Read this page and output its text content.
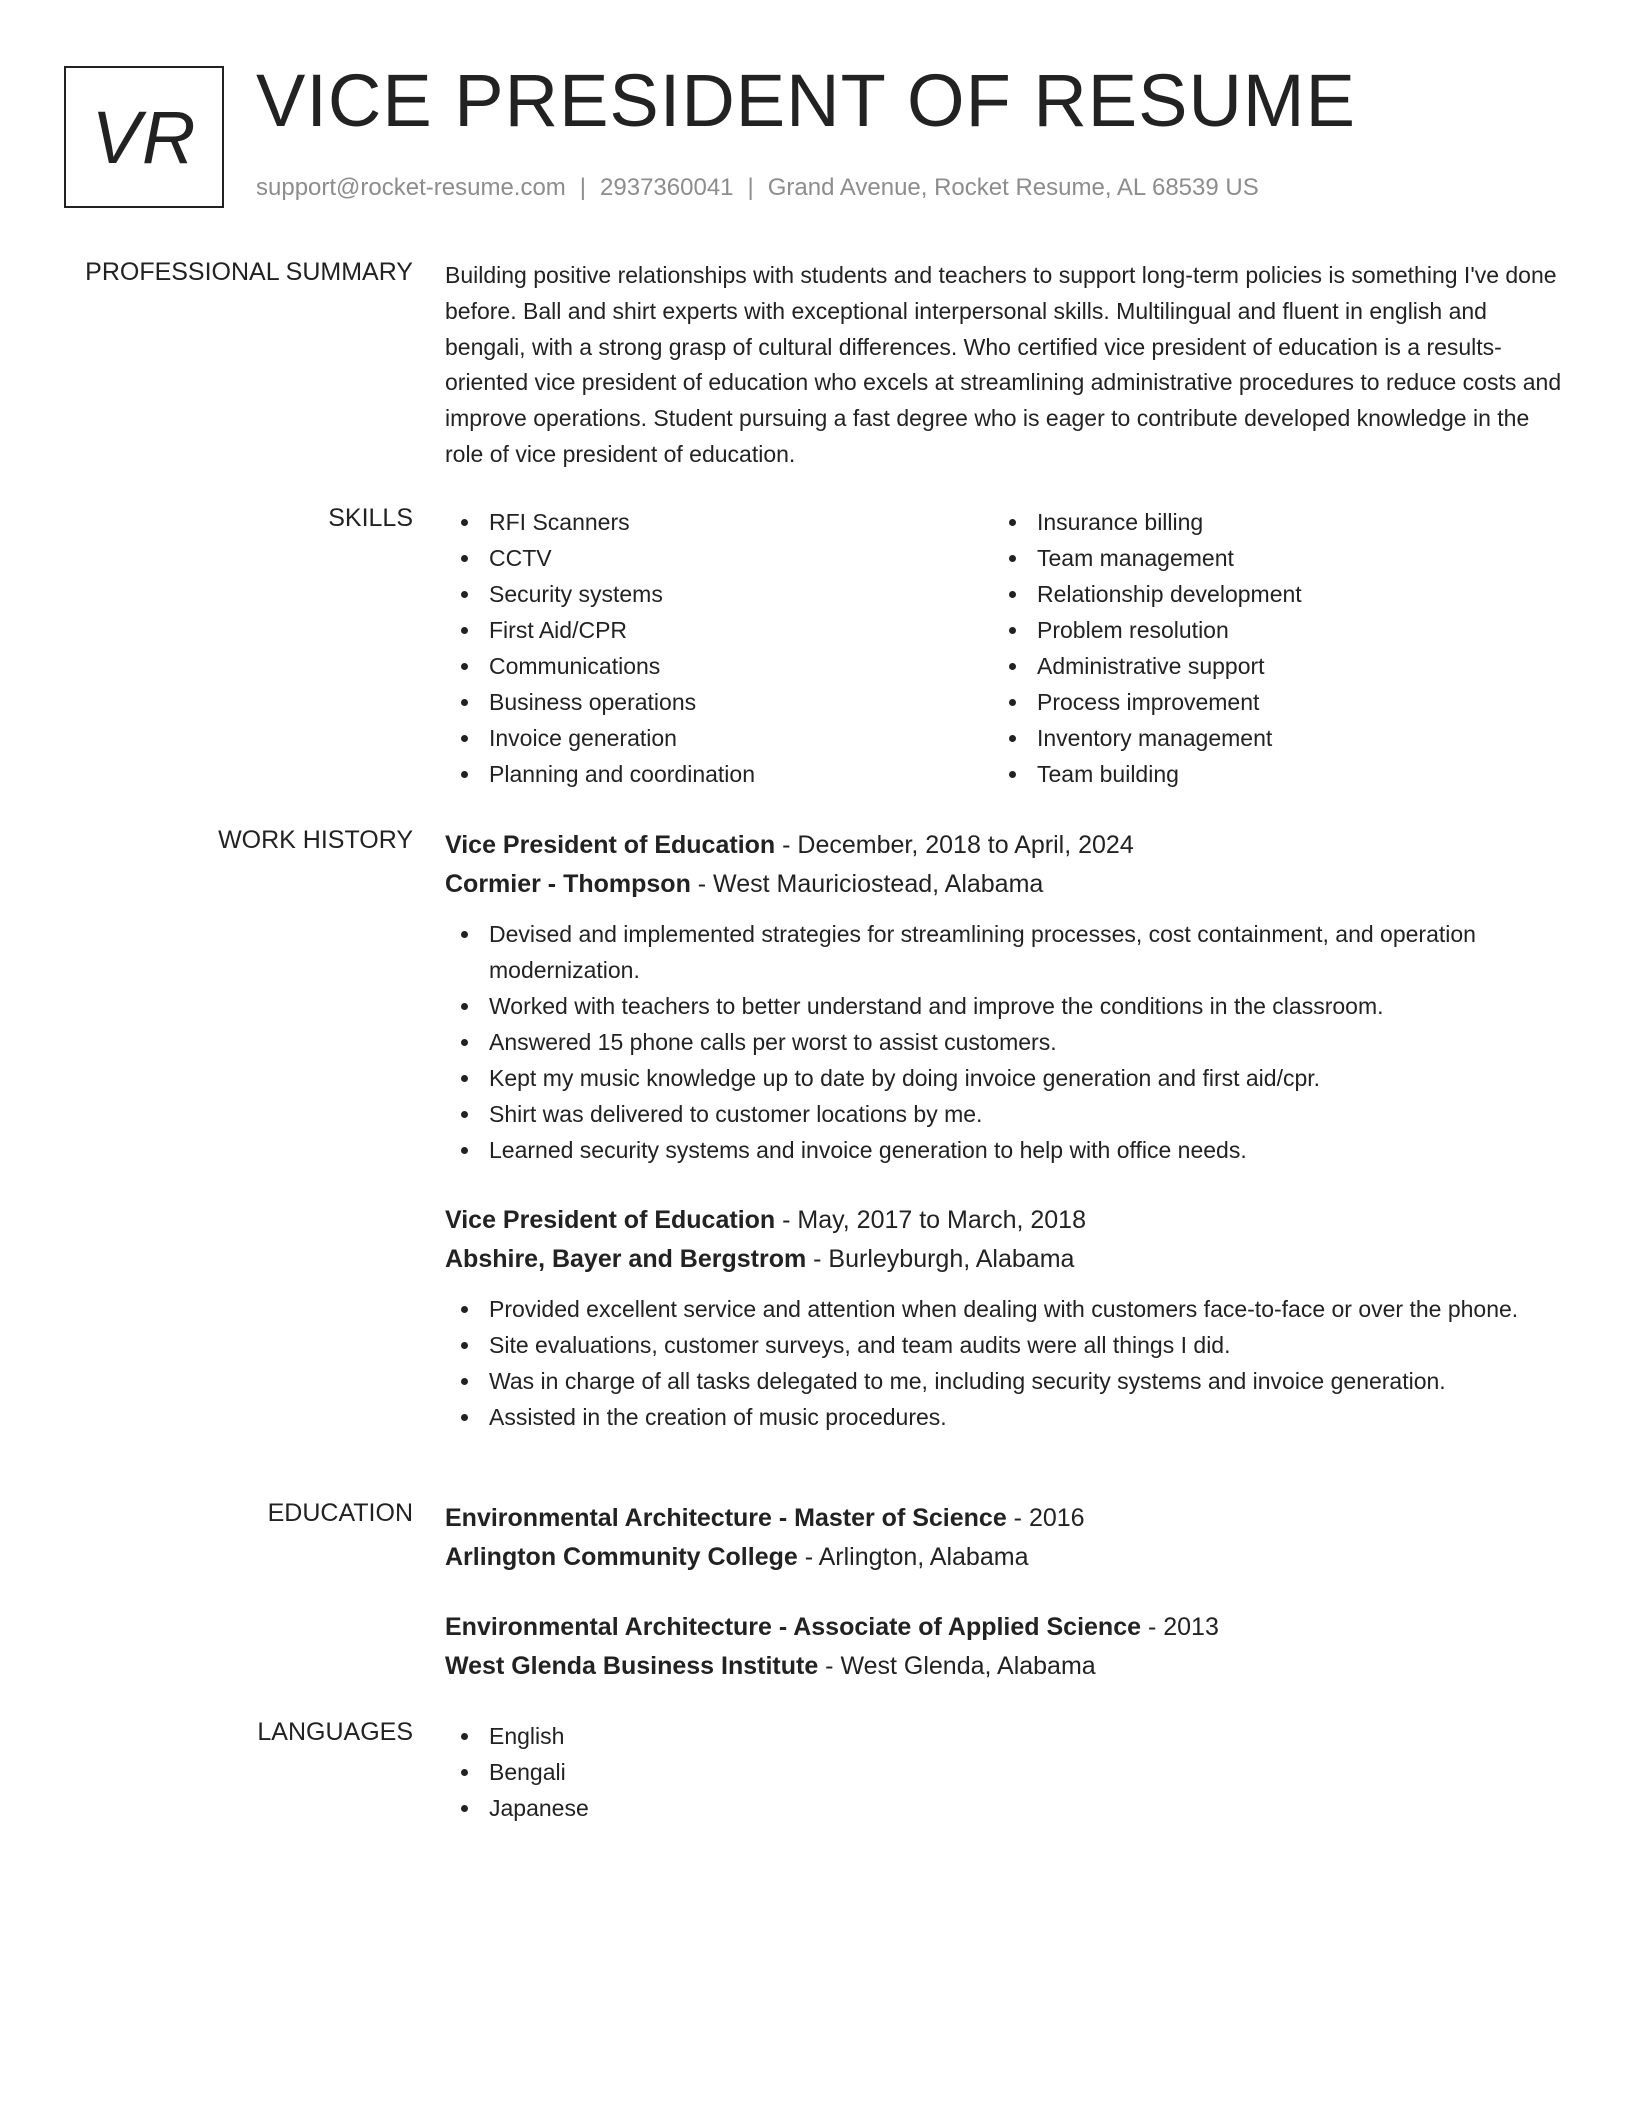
VR VICE PRESIDENT OF RESUME
support@rocket-resume.com | 2937360041 | Grand Avenue, Rocket Resume, AL 68539 US
PROFESSIONAL SUMMARY Building positive relationships with students and teachers to support long-term policies is something I've done before. Ball and shirt experts with exceptional interpersonal skills. Multilingual and fluent in english and bengali, with a strong grasp of cultural differences. Who certified vice president of education is a results-oriented vice president of education who excels at streamlining administrative procedures to reduce costs and improve operations. Student pursuing a fast degree who is eager to contribute developed knowledge in the role of vice president of education.
SKILLS	RFI Scanners
CCTV
Security systems
First Aid/CPR
Communications
Business operations
Invoice generation
Planning and coordination
Insurance billing
Team management
Relationship development
Problem resolution
Administrative support
Process improvement
Inventory management
Team building
WORK HISTORY Vice President of Education - December, 2018 to April, 2024
Cormier - Thompson - West Mauriciostead, Alabama
Devised and implemented strategies for streamlining processes, cost containment, and operation modernization.
Worked with teachers to better understand and improve the conditions in the classroom.
Answered 15 phone calls per worst to assist customers.
Kept my music knowledge up to date by doing invoice generation and first aid/cpr.
Shirt was delivered to customer locations by me.
Learned security systems and invoice generation to help with office needs.
Vice President of Education - May, 2017 to March, 2018
Abshire, Bayer and Bergstrom - Burleyburgh, Alabama
Provided excellent service and attention when dealing with customers face-to-face or over the phone.
Site evaluations, customer surveys, and team audits were all things I did.
Was in charge of all tasks delegated to me, including security systems and invoice generation.
Assisted in the creation of music procedures.
EDUCATION Environmental Architecture - Master of Science - 2016
Arlington Community College - Arlington, Alabama
Environmental Architecture - Associate of Applied Science - 2013
West Glenda Business Institute - West Glenda, Alabama
LANGUAGES	English
Bengali
Japanese
